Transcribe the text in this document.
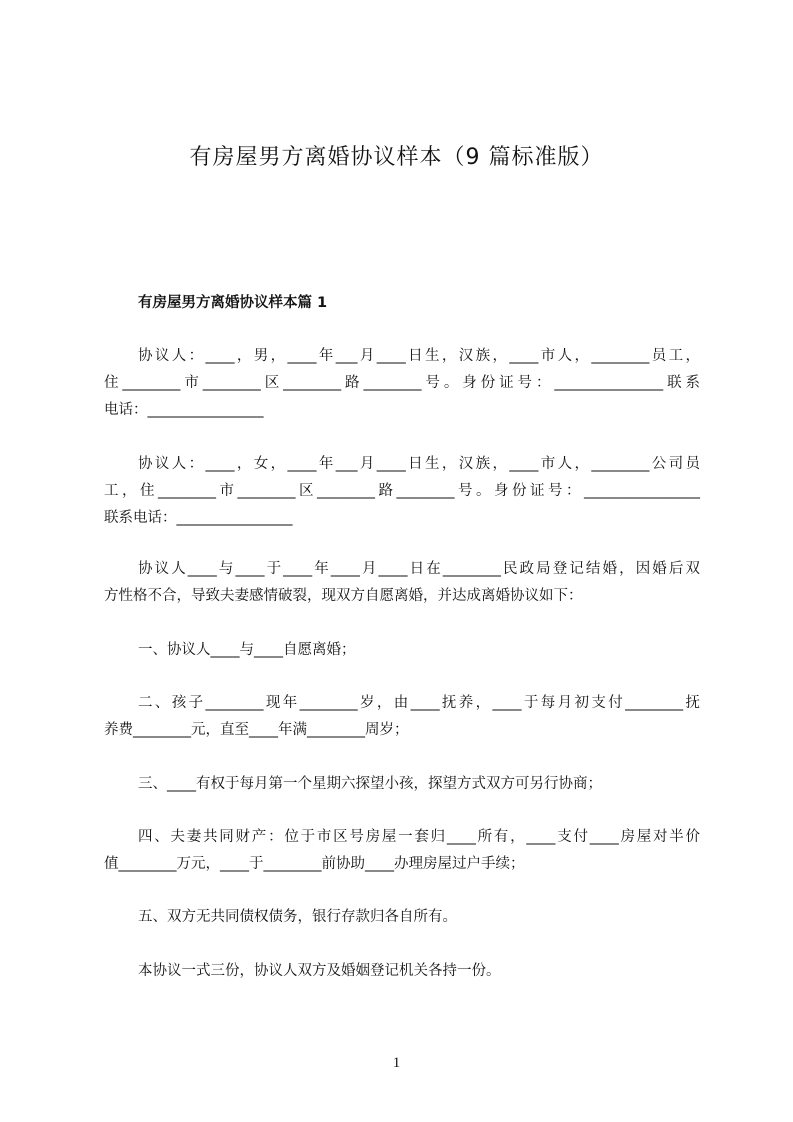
有房屋男方离婚协议样本（9 篇标准版）
有房屋男方离婚协议样本篇 1
协议人：____，男，____年___月____日生，汉族，____市人，________员工，
住________市________区________路________号。身份证号：_______________联系
电话：________________
协议人：____，女，____年___月____日生，汉族，____市人，________公司员
工，住________市________区________路________号。身份证号：________________
联系电话：________________
协议人____与____于____年____月____日在________民政局登记结婚，因婚后双
方性格不合，导致夫妻感情破裂，现双方自愿离婚，并达成离婚协议如下：
一、协议人____与____自愿离婚；
二、孩子________现年________岁，由____抚养，____于每月初支付________抚
养费________元，直至____年满________周岁；
三、____有权于每月第一个星期六探望小孩，探望方式双方可另行协商；
四、夫妻共同财产：位于市区号房屋一套归____所有，____支付____房屋对半价
值________万元，____于________前协助____办理房屋过户手续；
五、双方无共同债权债务，银行存款归各自所有。
本协议一式三份，协议人双方及婚姻登记机关各持一份。
1
